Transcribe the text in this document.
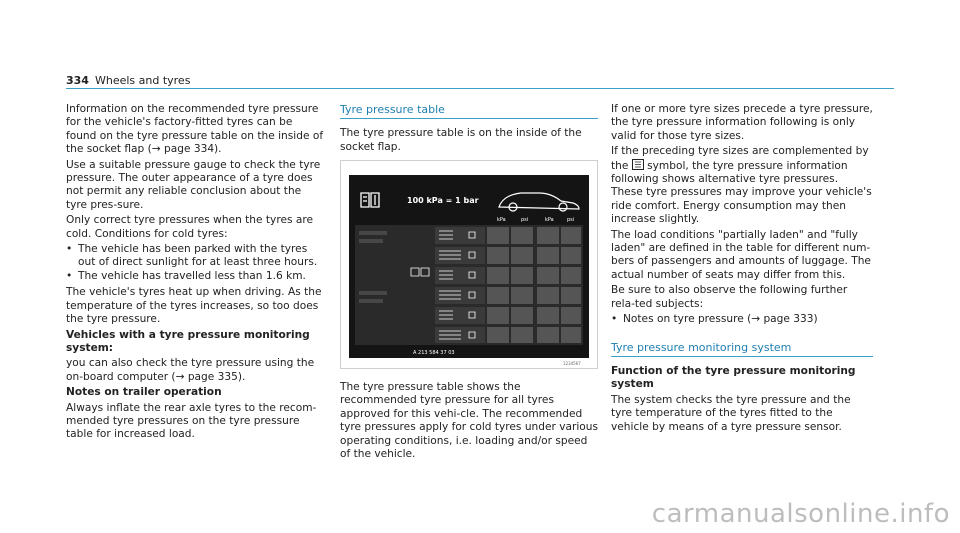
334 Wheels and tyres

Information on the recommended tyre pressure for the vehicle's factory-fitted tyres can be found on the tyre pressure table on the inside of the socket flap (→ page 334).

Use a suitable pressure gauge to check the tyre pressure. The outer appearance of a tyre does not permit any reliable conclusion about the tyre pres-sure.

Only correct tyre pressures when the tyres are cold. Conditions for cold tyres:

• The vehicle has been parked with the tyres out of direct sunlight for at least three hours.
• The vehicle has travelled less than 1.6 km.

The vehicle's tyres heat up when driving. As the temperature of the tyres increases, so too does the tyre pressure.

Vehicles with a tyre pressure monitoring system:

you can also check the tyre pressure using the on-board computer (→ page 335).

Notes on trailer operation

Always inflate the rear axle tyres to the recom-mended tyre pressures on the tyre pressure table for increased load.

Tyre pressure table

The tyre pressure table is on the inside of the socket flap.

100 kPa = 1 bar
kPa	psi	kPa	psi
A 213 584 37 03
1234567

The tyre pressure table shows the recommended tyre pressure for all tyres approved for this vehi-cle. The recommended tyre pressures apply for cold tyres under various operating conditions, i.e. loading and/or speed of the vehicle.

If one or more tyre sizes precede a tyre pressure, the tyre pressure information following is only valid for those tyre sizes.

If the preceding tyre sizes are complemented by the symbol, the tyre pressure information following shows alternative tyre pressures. These tyre pressures may improve your vehicle's ride comfort. Energy consumption may then increase slightly.

The load conditions "partially laden" and "fully laden" are defined in the table for different num-bers of passengers and amounts of luggage. The actual number of seats may differ from this.

Be sure to also observe the following further rela-ted subjects:

• Notes on tyre pressure (→ page 333)
Tyre pressure monitoring system

Function of the tyre pressure monitoring system

The system checks the tyre pressure and the tyre temperature of the tyres fitted to the vehicle by means of a tyre pressure sensor.

carmanualsonline.info
